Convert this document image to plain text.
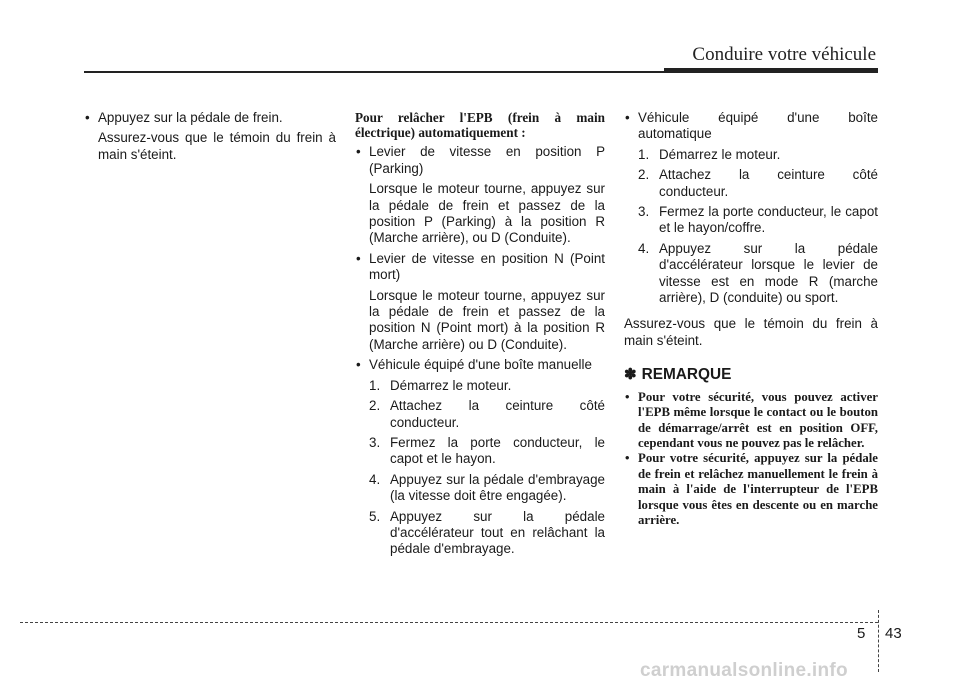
Conduire votre véhicule

• Appuyez sur la pédale de frein.

Assurez-vous que le témoin du frein à main s'éteint.

Pour relâcher l'EPB (frein à main électrique) automatiquement :

• Levier de vitesse en position P (Parking)

Lorsque le moteur tourne, appuyez sur la pédale de frein et passez de la position P (Parking) à la position R (Marche arrière), ou D (Conduite).

• Levier de vitesse en position N (Point mort)

Lorsque le moteur tourne, appuyez sur la pédale de frein et passez de la position N (Point mort) à la position R (Marche arrière) ou D (Conduite).

• Véhicule équipé d'une boîte manuelle

1. Démarrez le moteur.
2. Attachez la ceinture côté conducteur.
3. Fermez la porte conducteur, le capot et le hayon.
4. Appuyez sur la pédale d'embrayage (la vitesse doit être engagée).
5. Appuyez sur la pédale d'accélérateur tout en relâchant la pédale d'embrayage.

• Véhicule équipé d'une boîte automatique

1. Démarrez le moteur.
2. Attachez la ceinture côté conducteur.
3. Fermez la porte conducteur, le capot et le hayon/coffre.
4. Appuyez sur la pédale d'accélérateur lorsque le levier de vitesse est en mode R (marche arrière), D (conduite) ou sport.

Assurez-vous que le témoin du frein à main s'éteint.

✽ REMARQUE

• Pour votre sécurité, vous pouvez activer l'EPB même lorsque le contact ou le bouton de démarrage/arrêt est en position OFF, cependant vous ne pouvez pas le relâcher.

• Pour votre sécurité, appuyez sur la pédale de frein et relâchez manuellement le frein à main à l'aide de l'interrupteur de l'EPB lorsque vous êtes en descente ou en marche arrière.

5 43
carmanualsonline.info
